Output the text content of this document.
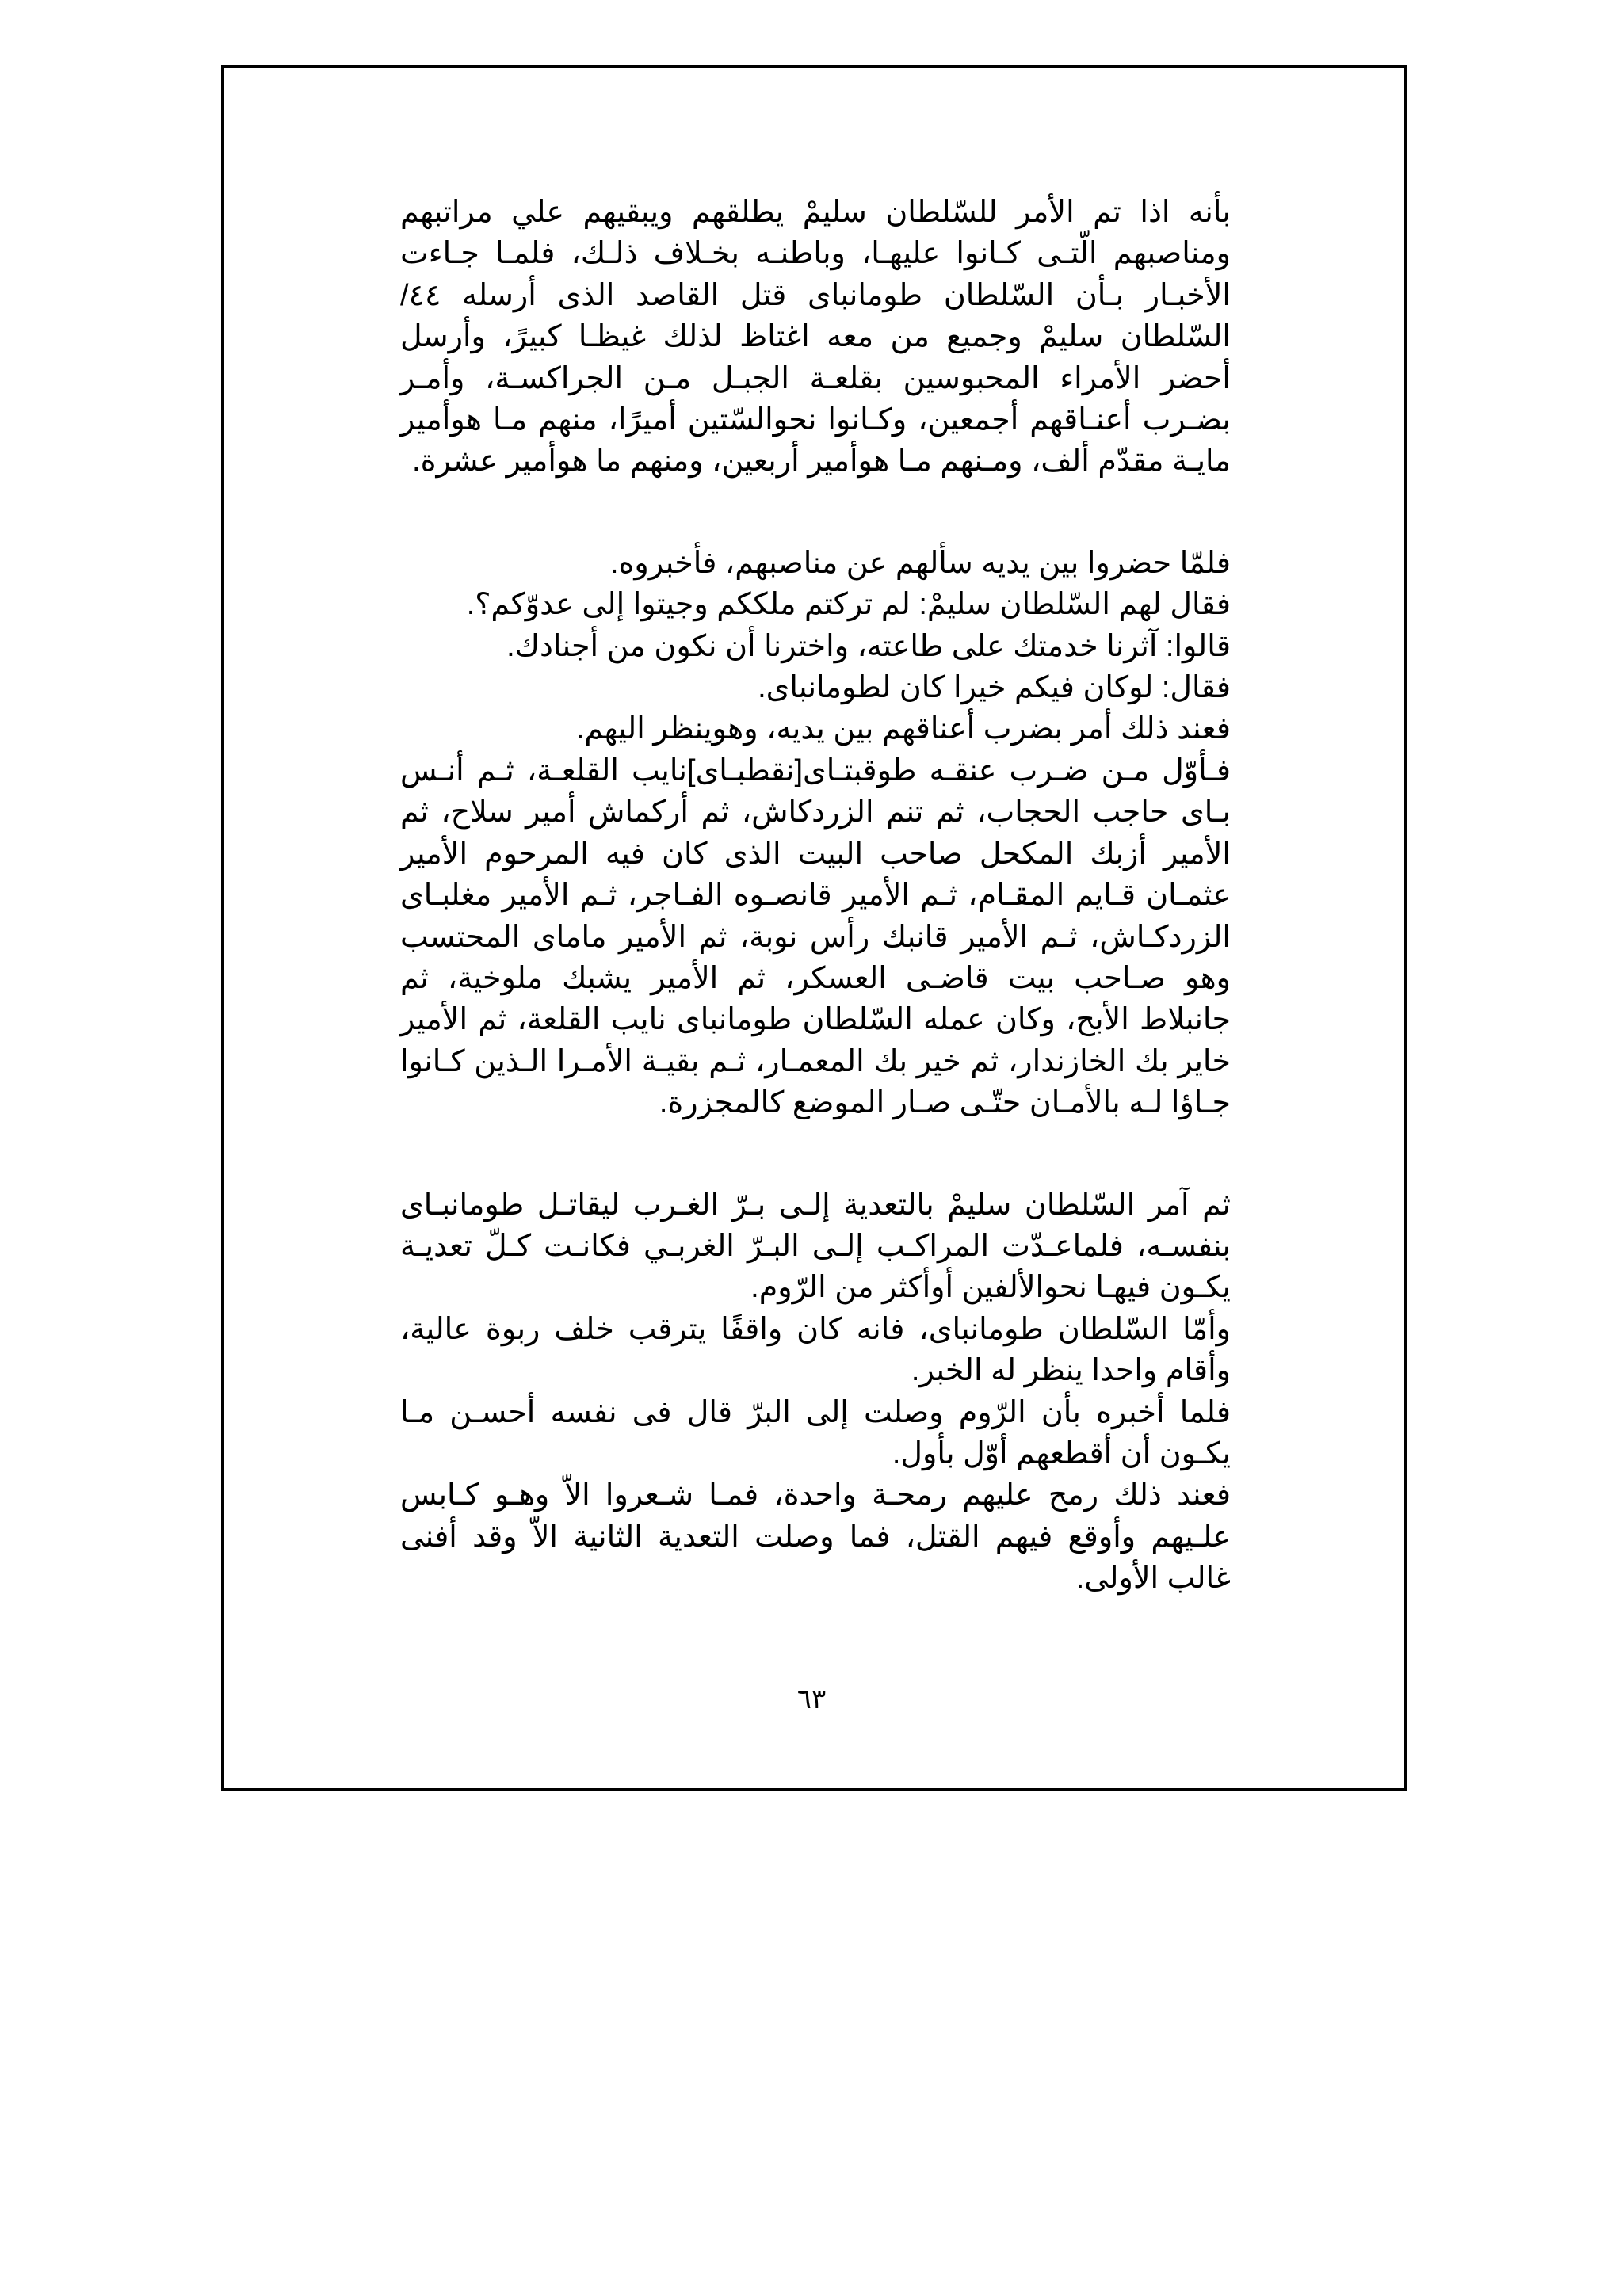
بأنه اذا تم الأمر للسّلطان سليمْ يطلقهم ويبقيهم علي مراتبهم ومناصبهم الّتـى كـانوا عليهـا، وباطنـه بخـلاف ذلـك، فلمـا جـاءت الأخبـار بـأن السّلطان طومانباى قتل القاصد الذى أرسله ٤٤/ السّلطان سليمْ وجميع من معه اغتاظ لذلك غيظـا كبيرً، وأرسل أحضر الأمراء المحبوسين بقلعـة الجبـل مـن الجراكسـة، وأمـر بضـرب أعنـاقهم أجمعين، وكـانوا نحوالسّتين أميرًا، منهم مـا هوأمير مايـة مقدّم ألف، ومـنهم مـا هوأمير أربعين، ومنهم ما هوأمير عشرة.

فلمّا حضروا بين يديه سألهم عن مناصبهم، فأخبروه.

فقال لهم السّلطان سليمْ: لم تركتم ملككم وجيتوا إلى عدوّكم؟.

قالوا: آثرنا خدمتك على طاعته، واخترنا أن نكون من أجنادك.

فقال: لوكان فيكم خيرا كان لطومانباى.

فعند ذلك أمر بضرب أعناقهم بين يديه، وهوينظر اليهم.

فـأوّل مـن ضـرب عنقـه طوقبتـاى[نقطبـاى]نايب القلعـة، ثـم أنـس بـاى حاجب الحجاب، ثم تنم الزردكاش، ثم أركماش أمير سلاح، ثم الأمير أزبك المكحل صاحب البيت الذى كان فيه المرحوم الأمير عثمـان قـايم المقـام، ثـم الأمير قانصـوه الفـاجر، ثـم الأمير مغلبـاى الزردكـاش، ثـم الأمير قانبك رأس نوبة، ثم الأمير ماماى المحتسب وهو صـاحب بيت قاضـى العسكر، ثم الأمير يشبك ملوخية، ثم جانبلاط الأبح، وكان عمله السّلطان طومانباى نايب القلعة، ثم الأمير خاير بك الخازندار، ثم خير بك المعمـار، ثـم بقيـة الأمـرا الـذين كـانوا جـاؤا لـه بالأمـان حتّـى صـار الموضع كالمجزرة.

ثم آمر السّلطان سليمْ بالتعدية إلـى بـرّ الغـرب ليقاتـل طومانبـاى بنفسـه، فلماعـدّت المراكـب إلـى البـرّ الغربـي فكانـت كـلّ تعديـة يكـون فيهـا نحوالألفين أوأكثر من الرّوم.

وأمّا السّلطان طومانباى، فانه كان واقفًا يترقب خلف ربوة عالية، وأقام واحدا ينظر له الخبر.

فلما أخبره بأن الرّوم وصلت إلى البرّ قال فى نفسه أحسـن مـا يكـون أن أقطعهم أوّل بأول.

فعند ذلك رمح عليهم رمحـة واحدة، فمـا شـعروا الاّ وهـو كـابس علـيهم وأوقع فيهم القتل، فما وصلت التعدية الثانية الاّ وقد أفنى غالب الأولى.

٦٣
